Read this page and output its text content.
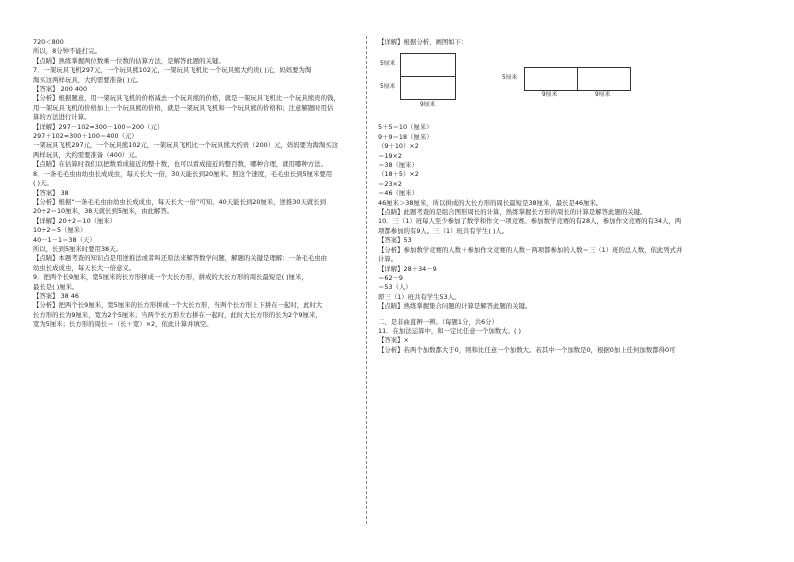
720＜800
所以，8分钟不能打完。
【点睛】熟练掌握两位数乘一位数的估算方法，是解答此题的关键。
7．一架玩具飞机297元，一个玩具熊102元，一架玩具飞机比一个玩具熊大约贵( )元，妈妈要为淘
淘买这两样玩具，大约需要准备( )元。
【答案】 200 400
【分析】根据题意，用一架玩具飞机的价格减去一个玩具熊的价格，就是一架玩具飞机比一个玩具熊贵的钱，
用一架玩具飞机的价格加上一个玩具熊的价格，就是一架玩具飞机和一个玩具熊的价格和；注意解题时用估
算的方法进行计算。
【详解】297－102≈300－100＝200（元）
297＋102≈300＋100＝400（元）
一架玩具飞机297元，一个玩具熊102元，一架玩具飞机比一个玩具熊大约贵（200）元，妈妈要为淘淘买这
两样玩具，大约需要准备（400）元。
【点睛】在估算时我们以把数看成接近的整十数，也可以看成接近的整百数，哪种合理，就用哪种方法。
8．一条毛毛虫由幼虫长成成虫，每天长大一倍，30天能长到20厘米。照这个速度，毛毛虫长到5厘米要用
( )天。
【答案】 38
【分析】根据“一条毛毛虫由幼虫长成成虫，每天长大一倍”可知，40天能长到20厘米，逆推30天就长到
20÷2＝10厘米，38天就长到5厘米，由此解答。
【详解】20÷2＝10（厘米）
10÷2＝5（厘米）
40－1－1＝38（天）
所以，长到5厘米时要用38天。
【点睛】本题考查的知识点是用逆推法或者叫还原法来解答数学问题，解题的关键是理解：一条毛毛虫由
幼虫长成成虫，每天长大一倍意义。
9．把两个长9厘米，宽5厘米的长方形拼成一个大长方形，拼成的大长方形的周长最短是( )厘米，
最长是( )厘米。
【答案】 38 46
【分析】把两个长9厘米，宽5厘米的长方形拼成一个大长方形，当两个长方形上下拼在一起时，此时大
长方形的长为9厘米，宽为2个5厘米；当两个长方形左右拼在一起时，此时大长方形的长为2个9厘米，
宽为5厘米；长方形的周长＝（长＋宽）×2，依此计算并填空。
【详解】根据分析，画图如下：
5厘米
5厘米
9厘米
5厘米
9厘米	9厘米
5＋5＝10（厘米）
9＋9＝18（厘米）
（9＋10）×2
＝19×2
＝38（厘米）
（18＋5）×2
＝23×2
＝46（厘米）
46厘米＞38厘米，所以拼成的大长方形的周长最短是38厘米，最长是46厘米。
【点睛】此题考查的是组合图形周长的计算，熟练掌握长方形的周长的计算是解答此题的关键。
10．三（1）班每人至少参加了数学和作文一项竞赛。参加数学竞赛的有28人，参加作文竞赛的有34人，两
项都参加的有9人。三（1）班共有学生( )人。
【答案】53
【分析】参加数学竞赛的人数＋参加作文竞赛的人数－两项都参加的人数＝三（1）班的总人数，依此列式并
计算。
【详解】28＋34－9
＝62－9
＝53（人）
即三（1）班共有学生53人。
【点睛】熟练掌握集合问题的计算是解答此题的关键。
二、是非曲直辨一辨。（每题1分，共6分）
11．在加法运算中，和一定比任意一个加数大。( )
【答案】×
【分析】若两个加数都大于0，则和比任意一个加数大。若其中一个加数是0，根据0加上任何加数都得0可
